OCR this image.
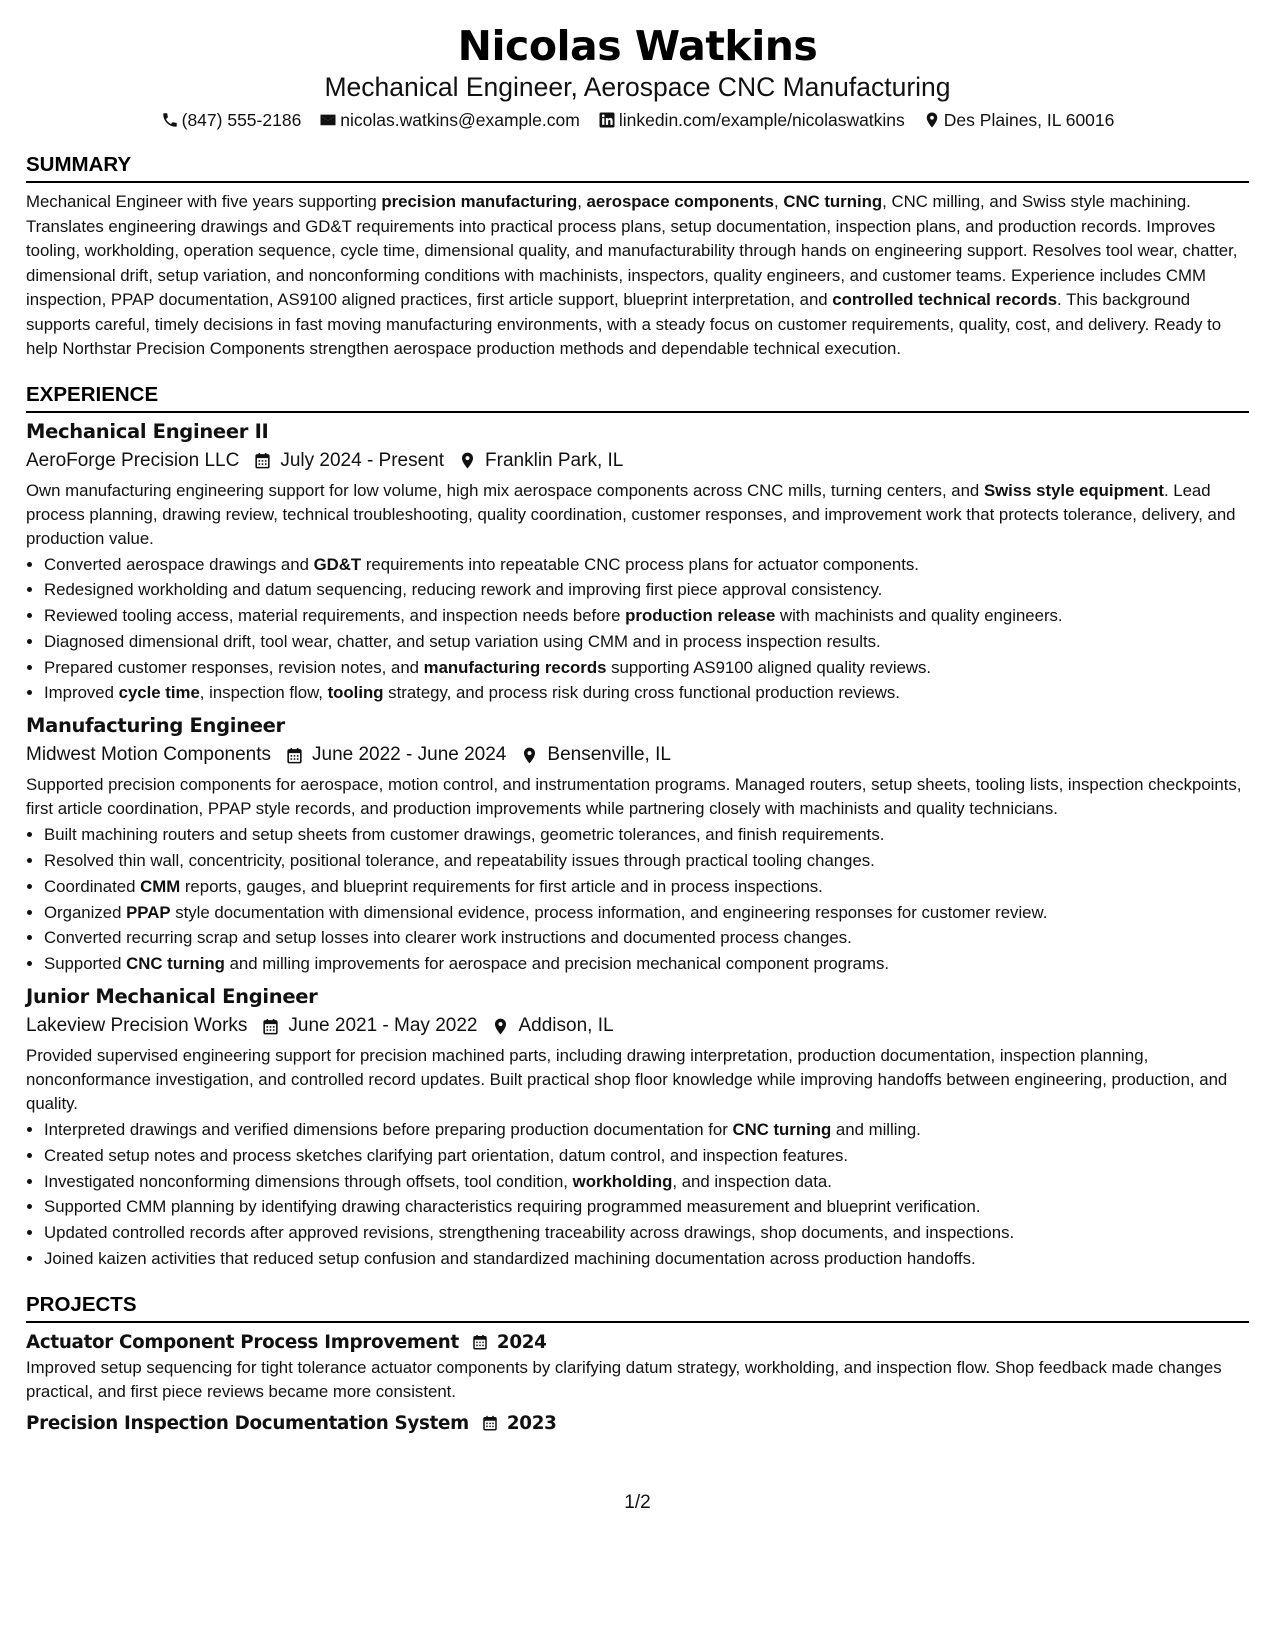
Nicolas Watkins
Mechanical Engineer, Aerospace CNC Manufacturing
(847) 555-2186 nicolas.watkins@example.com linkedin.com/example/nicolaswatkins Des Plaines, IL 60016
SUMMARY
Mechanical Engineer with five years supporting precision manufacturing, aerospace components, CNC turning, CNC milling, and Swiss style machining. Translates engineering drawings and GD&T requirements into practical process plans, setup documentation, inspection plans, and production records. Improves tooling, workholding, operation sequence, cycle time, dimensional quality, and manufacturability through hands on engineering support. Resolves tool wear, chatter, dimensional drift, setup variation, and nonconforming conditions with machinists, inspectors, quality engineers, and customer teams. Experience includes CMM inspection, PPAP documentation, AS9100 aligned practices, first article support, blueprint interpretation, and controlled technical records. This background supports careful, timely decisions in fast moving manufacturing environments, with a steady focus on customer requirements, quality, cost, and delivery. Ready to help Northstar Precision Components strengthen aerospace production methods and dependable technical execution.
EXPERIENCE
Mechanical Engineer II
AeroForge Precision LLC July 2024 - Present Franklin Park, IL
Own manufacturing engineering support for low volume, high mix aerospace components across CNC mills, turning centers, and Swiss style equipment. Lead process planning, drawing review, technical troubleshooting, quality coordination, customer responses, and improvement work that protects tolerance, delivery, and production value.
• Converted aerospace drawings and GD&T requirements into repeatable CNC process plans for actuator components.
• Redesigned workholding and datum sequencing, reducing rework and improving first piece approval consistency.
• Reviewed tooling access, material requirements, and inspection needs before production release with machinists and quality engineers.
• Diagnosed dimensional drift, tool wear, chatter, and setup variation using CMM and in process inspection results.
• Prepared customer responses, revision notes, and manufacturing records supporting AS9100 aligned quality reviews.
• Improved cycle time, inspection flow, tooling strategy, and process risk during cross functional production reviews.
Manufacturing Engineer
Midwest Motion Components June 2022 - June 2024 Bensenville, IL
Supported precision components for aerospace, motion control, and instrumentation programs. Managed routers, setup sheets, tooling lists, inspection checkpoints, first article coordination, PPAP style records, and production improvements while partnering closely with machinists and quality technicians.
• Built machining routers and setup sheets from customer drawings, geometric tolerances, and finish requirements.
• Resolved thin wall, concentricity, positional tolerance, and repeatability issues through practical tooling changes.
• Coordinated CMM reports, gauges, and blueprint requirements for first article and in process inspections.
• Organized PPAP style documentation with dimensional evidence, process information, and engineering responses for customer review.
• Converted recurring scrap and setup losses into clearer work instructions and documented process changes.
• Supported CNC turning and milling improvements for aerospace and precision mechanical component programs.
Junior Mechanical Engineer
Lakeview Precision Works June 2021 - May 2022 Addison, IL
Provided supervised engineering support for precision machined parts, including drawing interpretation, production documentation, inspection planning, nonconformance investigation, and controlled record updates. Built practical shop floor knowledge while improving handoffs between engineering, production, and quality.
• Interpreted drawings and verified dimensions before preparing production documentation for CNC turning and milling.
• Created setup notes and process sketches clarifying part orientation, datum control, and inspection features.
• Investigated nonconforming dimensions through offsets, tool condition, workholding, and inspection data.
• Supported CMM planning by identifying drawing characteristics requiring programmed measurement and blueprint verification.
• Updated controlled records after approved revisions, strengthening traceability across drawings, shop documents, and inspections.
• Joined kaizen activities that reduced setup confusion and standardized machining documentation across production handoffs.
PROJECTS
Actuator Component Process Improvement 2024
Improved setup sequencing for tight tolerance actuator components by clarifying datum strategy, workholding, and inspection flow. Shop feedback made changes practical, and first piece reviews became more consistent.
Precision Inspection Documentation System 2023
1/2
